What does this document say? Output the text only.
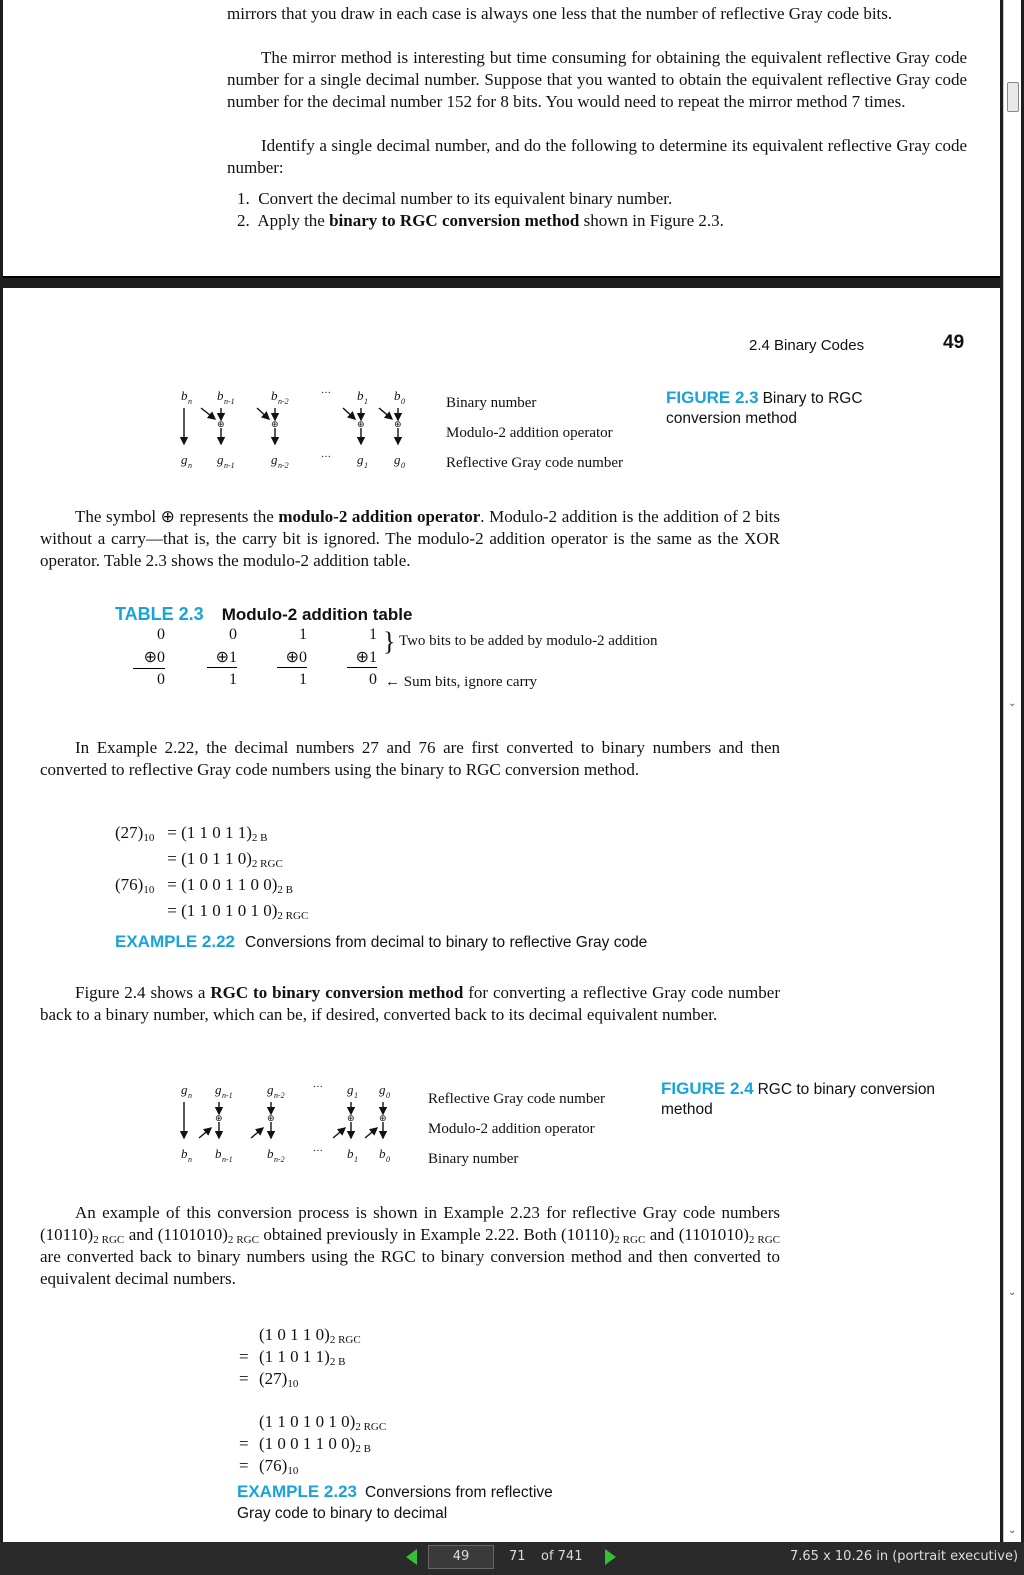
mirrors that you draw in each case is always one less that the number of reflective Gray code bits.

The mirror method is interesting but time consuming for obtaining the equivalent reflective Gray code number for a single decimal number. Suppose that you wanted to obtain the equivalent reflective Gray code number for the decimal number 152 for 8 bits. You would need to repeat the mirror method 7 times.

Identify a single decimal number, and do the following to determine its equivalent reflective Gray code number:

1. Convert the decimal number to its equivalent binary number.

2. Apply the binary to RGC conversion method shown in Figure 2.3.

2.4 Binary Codes	49
b n b n-1	b n-2
··· b 1 b 0
g n g n-1	g n-2
··· g 1 g 0
⊕	⊕	⊕	⊕
Binary number
Modulo-2 addition operator
Reflective Gray code number
FIGURE 2.3 Binary to RGC conversion method
The symbol ⊕ represents the modulo-2 addition operator. Modulo-2 addition is the addition of 2 bits without a carry—that is, the carry bit is ignored. The modulo-2 addition operator is the same as the XOR operator. Table 2.3 shows the modulo-2 addition table.
TABLE 2.3 Modulo-2 addition table
0	0	1	1
⊕0	⊕1	⊕0	⊕1
0	1	1	0
} Two bits to be added by modulo-2 addition
← Sum bits, ignore carry
In Example 2.22, the decimal numbers 27 and 76 are first converted to binary numbers and then converted to reflective Gray code numbers using the binary to RGC conversion method.
$(27)_{10} = (1$ 1 0 1 $1)_{2 B}$
= (1 0 1 1 $0)_{2 RGC}$
$(76)_{10} = (1$ 0 0 1 1 0 $0)_{2 B}$
= (1 1 0 1 0 1 $0)_{2 RGC}$
EXAMPLE 2.22 Conversions from decimal to binary to reflective Gray code
Figure 2.4 shows a RGC to binary conversion method for converting a reflective Gray code number back to a binary number, which can be, if desired, converted back to its decimal equivalent number.
g n g n-1	g n-2
··· g 1 g 0
b n b n-1	b n-2
··· b 1 b 0
⊕	⊕	⊕	⊕
Reflective Gray code number
Modulo-2 addition operator
Binary number
FIGURE 2.4 RGC to binary conversion method
An example of this conversion process is shown in Example 2.23 for reflective Gray code numbers $(10110)_{2 RGC}$ and $(1101010)_{2 RGC}$ obtained previously in Example 2.22. Both $(10110)_{2 RGC}$ and $(1101010)_{2 RGC}$ are converted back to binary numbers using the RGC to binary conversion method and then converted to equivalent decimal numbers.
(1 0 1 1 $0)_{2 RGC}$
= (1 1 0 1 $1)_{2 B}$
= $(27)_{10}$
(1 1 0 1 0 1 $0)_{2 RGC}$
= (1 0 0 1 1 0 $0)_{2 B}$
= $(76)_{10}$
EXAMPLE 2.23 Conversions from reflective
Gray code to binary to decimal
⌄
⌄
⌄
49	71 of 741	7.65 x 10.26 in (portrait executive)
